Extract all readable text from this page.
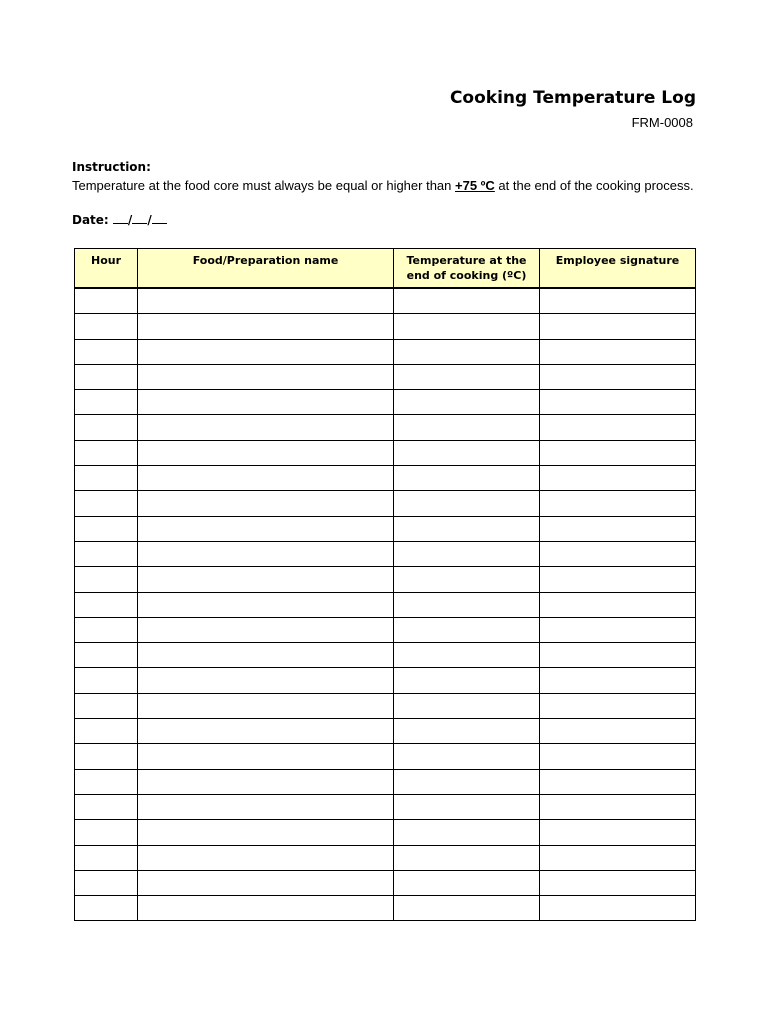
Cooking Temperature Log
FRM-0008
Instruction:
Temperature at the food core must always be equal or higher than +75 ºC at the end of the cooking process.
Date: / /
Hour	Food/Preparation name	Temperature at the end of cooking (ºC)	Employee signature
